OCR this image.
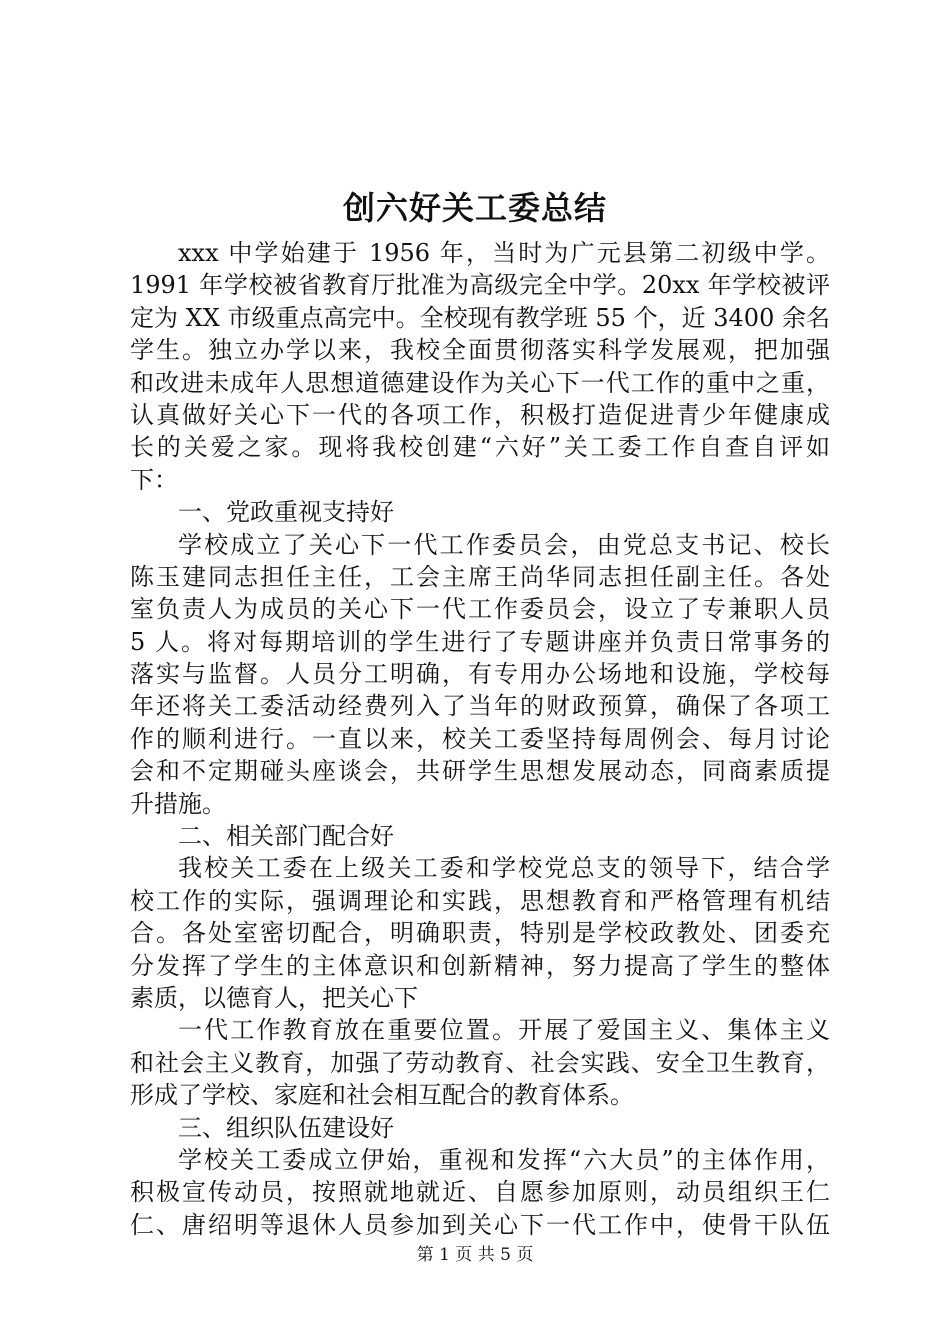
创六好关工委总结
xxx 中学始建于 1956 年，当时为广元县第二初级中学。
1991 年学校被省教育厅批准为高级完全中学。20xx 年学校被评
定为 XX 市级重点高完中。全校现有教学班 55 个，近 3400 余名
学生。独立办学以来，我校全面贯彻落实科学发展观，把加强
和改进未成年人思想道德建设作为关心下一代工作的重中之重，
认真做好关心下一代的各项工作，积极打造促进青少年健康成
长的关爱之家。现将我校创建“六好”关工委工作自查自评如
下：
一、党政重视支持好
学校成立了关心下一代工作委员会，由党总支书记、校长
陈玉建同志担任主任，工会主席王尚华同志担任副主任。各处
室负责人为成员的关心下一代工作委员会，设立了专兼职人员
5 人。将对每期培训的学生进行了专题讲座并负责日常事务的
落实与监督。人员分工明确，有专用办公场地和设施，学校每
年还将关工委活动经费列入了当年的财政预算，确保了各项工
作的顺利进行。一直以来，校关工委坚持每周例会、每月讨论
会和不定期碰头座谈会，共研学生思想发展动态，同商素质提
升措施。
二、相关部门配合好
我校关工委在上级关工委和学校党总支的领导下，结合学
校工作的实际，强调理论和实践，思想教育和严格管理有机结
合。各处室密切配合，明确职责，特别是学校政教处、团委充
分发挥了学生的主体意识和创新精神，努力提高了学生的整体
素质，以德育人，把关心下
一代工作教育放在重要位置。开展了爱国主义、集体主义
和社会主义教育，加强了劳动教育、社会实践、安全卫生教育，
形成了学校、家庭和社会相互配合的教育体系。
三、组织队伍建设好
学校关工委成立伊始，重视和发挥“六大员”的主体作用，
积极宣传动员，按照就地就近、自愿参加原则，动员组织王仁
仁、唐绍明等退休人员参加到关心下一代工作中，使骨干队伍
第 1 页 共 5 页
